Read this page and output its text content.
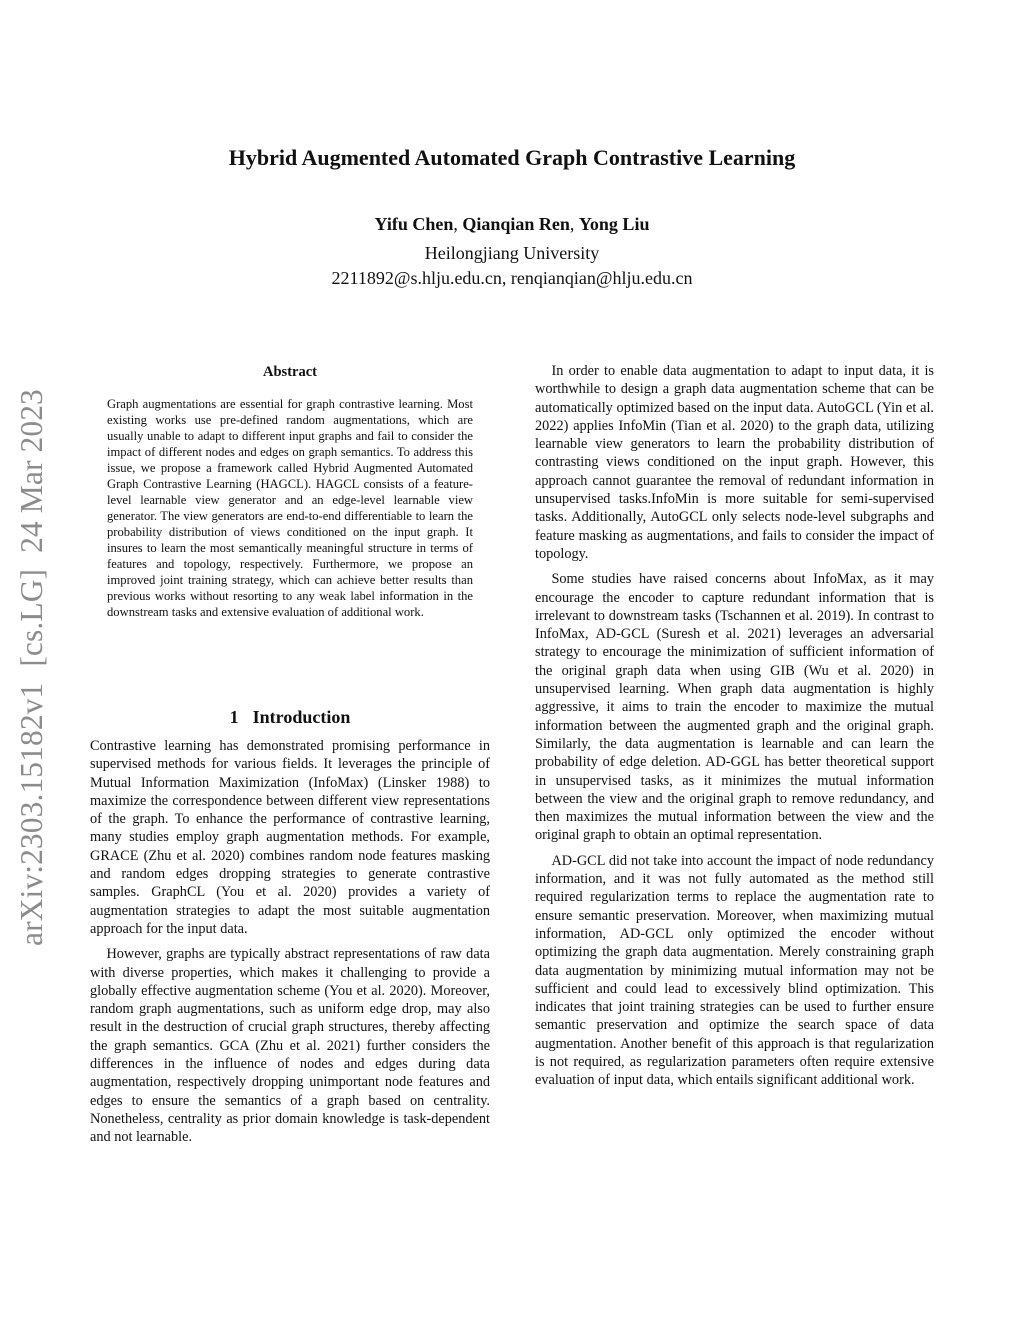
arXiv:2303.15182v1  [cs.LG]  24 Mar 2023
Hybrid Augmented Automated Graph Contrastive Learning
Yifu Chen, Qianqian Ren, Yong Liu
Heilongjiang University
2211892@s.hlju.edu.cn, renqianqian@hlju.edu.cn
Abstract

Graph augmentations are essential for graph contrastive learning. Most existing works use pre-defined random augmentations, which are usually unable to adapt to different input graphs and fail to consider the impact of different nodes and edges on graph semantics. To address this issue, we propose a framework called Hybrid Augmented Automated Graph Contrastive Learning (HAGCL). HAGCL consists of a feature-level learnable view generator and an edge-level learnable view generator. The view generators are end-to-end differentiable to learn the probability distribution of views conditioned on the input graph. It insures to learn the most semantically meaningful structure in terms of features and topology, respectively. Furthermore, we propose an improved joint training strategy, which can achieve better results than previous works without resorting to any weak label information in the downstream tasks and extensive evaluation of additional work.

1 Introduction

Contrastive learning has demonstrated promising performance in supervised methods for various fields. It leverages the principle of Mutual Information Maximization (InfoMax) (Linsker 1988) to maximize the correspondence between different view representations of the graph. To enhance the performance of contrastive learning, many studies employ graph augmentation methods. For example, GRACE (Zhu et al. 2020) combines random node features masking and random edges dropping strategies to generate contrastive samples. GraphCL (You et al. 2020) provides a variety of augmentation strategies to adapt the most suitable augmentation approach for the input data.

However, graphs are typically abstract representations of raw data with diverse properties, which makes it challenging to provide a globally effective augmentation scheme (You et al. 2020). Moreover, random graph augmentations, such as uniform edge drop, may also result in the destruction of crucial graph structures, thereby affecting the graph semantics. GCA (Zhu et al. 2021) further considers the differences in the influence of nodes and edges during data augmentation, respectively dropping unimportant node features and edges to ensure the semantics of a graph based on centrality. Nonetheless, centrality as prior domain knowledge is task-dependent and not learnable.

In order to enable data augmentation to adapt to input data, it is worthwhile to design a graph data augmentation scheme that can be automatically optimized based on the input data. AutoGCL (Yin et al. 2022) applies InfoMin (Tian et al. 2020) to the graph data, utilizing learnable view generators to learn the probability distribution of contrasting views conditioned on the input graph. However, this approach cannot guarantee the removal of redundant information in unsupervised tasks.InfoMin is more suitable for semi-supervised tasks. Additionally, AutoGCL only selects node-level subgraphs and feature masking as augmentations, and fails to consider the impact of topology.

Some studies have raised concerns about InfoMax, as it may encourage the encoder to capture redundant information that is irrelevant to downstream tasks (Tschannen et al. 2019). In contrast to InfoMax, AD-GCL (Suresh et al. 2021) leverages an adversarial strategy to encourage the minimization of sufficient information of the original graph data when using GIB (Wu et al. 2020) in unsupervised learning. When graph data augmentation is highly aggressive, it aims to train the encoder to maximize the mutual information between the augmented graph and the original graph. Similarly, the data augmentation is learnable and can learn the probability of edge deletion. AD-GGL has better theoretical support in unsupervised tasks, as it minimizes the mutual information between the view and the original graph to remove redundancy, and then maximizes the mutual information between the view and the original graph to obtain an optimal representation.

AD-GCL did not take into account the impact of node redundancy information, and it was not fully automated as the method still required regularization terms to replace the augmentation rate to ensure semantic preservation. Moreover, when maximizing mutual information, AD-GCL only optimized the encoder without optimizing the graph data augmentation. Merely constraining graph data augmentation by minimizing mutual information may not be sufficient and could lead to excessively blind optimization. This indicates that joint training strategies can be used to further ensure semantic preservation and optimize the search space of data augmentation. Another benefit of this approach is that regularization is not required, as regularization parameters often require extensive evaluation of input data, which entails significant additional work.
